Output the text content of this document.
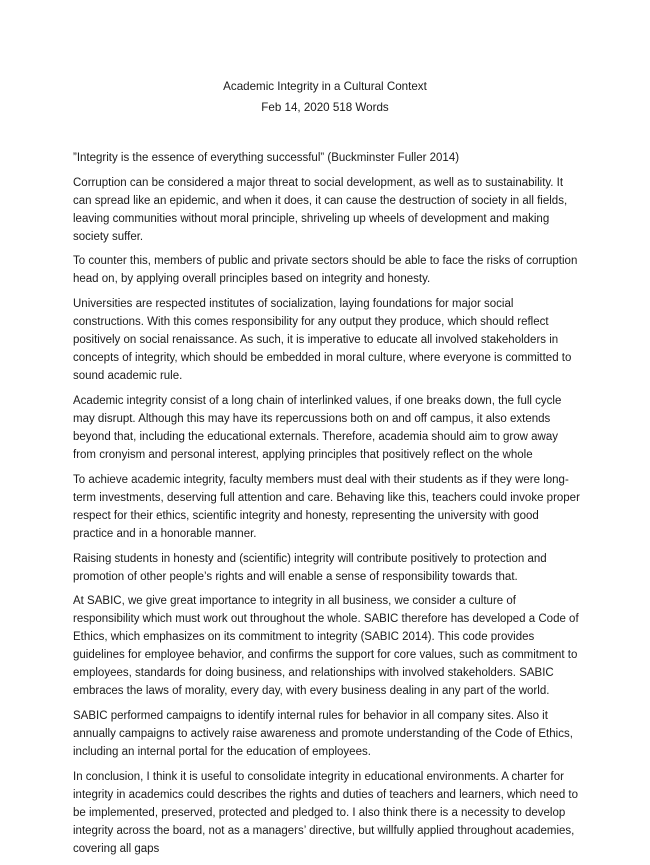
Academic Integrity in a Cultural Context
Feb 14, 2020 518 Words

”Integrity is the essence of everything successful” (Buckminster Fuller 2014)

Corruption can be considered a major threat to social development, as well as to sustainability. It can spread like an epidemic, and when it does, it can cause the destruction of society in all fields, leaving communities without moral principle, shriveling up wheels of development and making society suffer.

To counter this, members of public and private sectors should be able to face the risks of corruption head on, by applying overall principles based on integrity and honesty.

Universities are respected institutes of socialization, laying foundations for major social constructions. With this comes responsibility for any output they produce, which should reflect positively on social renaissance. As such, it is imperative to educate all involved stakeholders in concepts of integrity, which should be embedded in moral culture, where everyone is committed to sound academic rule.

Academic integrity consist of a long chain of interlinked values, if one breaks down, the full cycle may disrupt. Although this may have its repercussions both on and off campus, it also extends beyond that, including the educational externals. Therefore, academia should aim to grow away from cronyism and personal interest, applying principles that positively reflect on the whole

To achieve academic integrity, faculty members must deal with their students as if they were long-term investments, deserving full attention and care. Behaving like this, teachers could invoke proper respect for their ethics, scientific integrity and honesty, representing the university with good practice and in a honorable manner.

Raising students in honesty and (scientific) integrity will contribute positively to protection and promotion of other people’s rights and will enable a sense of responsibility towards that.

At SABIC, we give great importance to integrity in all business, we consider a culture of responsibility which must work out throughout the whole. SABIC therefore has developed a Code of Ethics, which emphasizes on its commitment to integrity (SABIC 2014). This code provides guidelines for employee behavior, and confirms the support for core values, such as commitment to employees, standards for doing business, and relationships with involved stakeholders. SABIC embraces the laws of morality, every day, with every business dealing in any part of the world.

SABIC performed campaigns to identify internal rules for behavior in all company sites. Also it annually campaigns to actively raise awareness and promote understanding of the Code of Ethics, including an internal portal for the education of employees.

In conclusion, I think it is useful to consolidate integrity in educational environments. A charter for integrity in academics could describes the rights and duties of teachers and learners, which need to be implemented, preserved, protected and pledged to. I also think there is a necessity to develop integrity across the board, not as a managers’ directive, but willfully applied throughout academies, covering all gaps
